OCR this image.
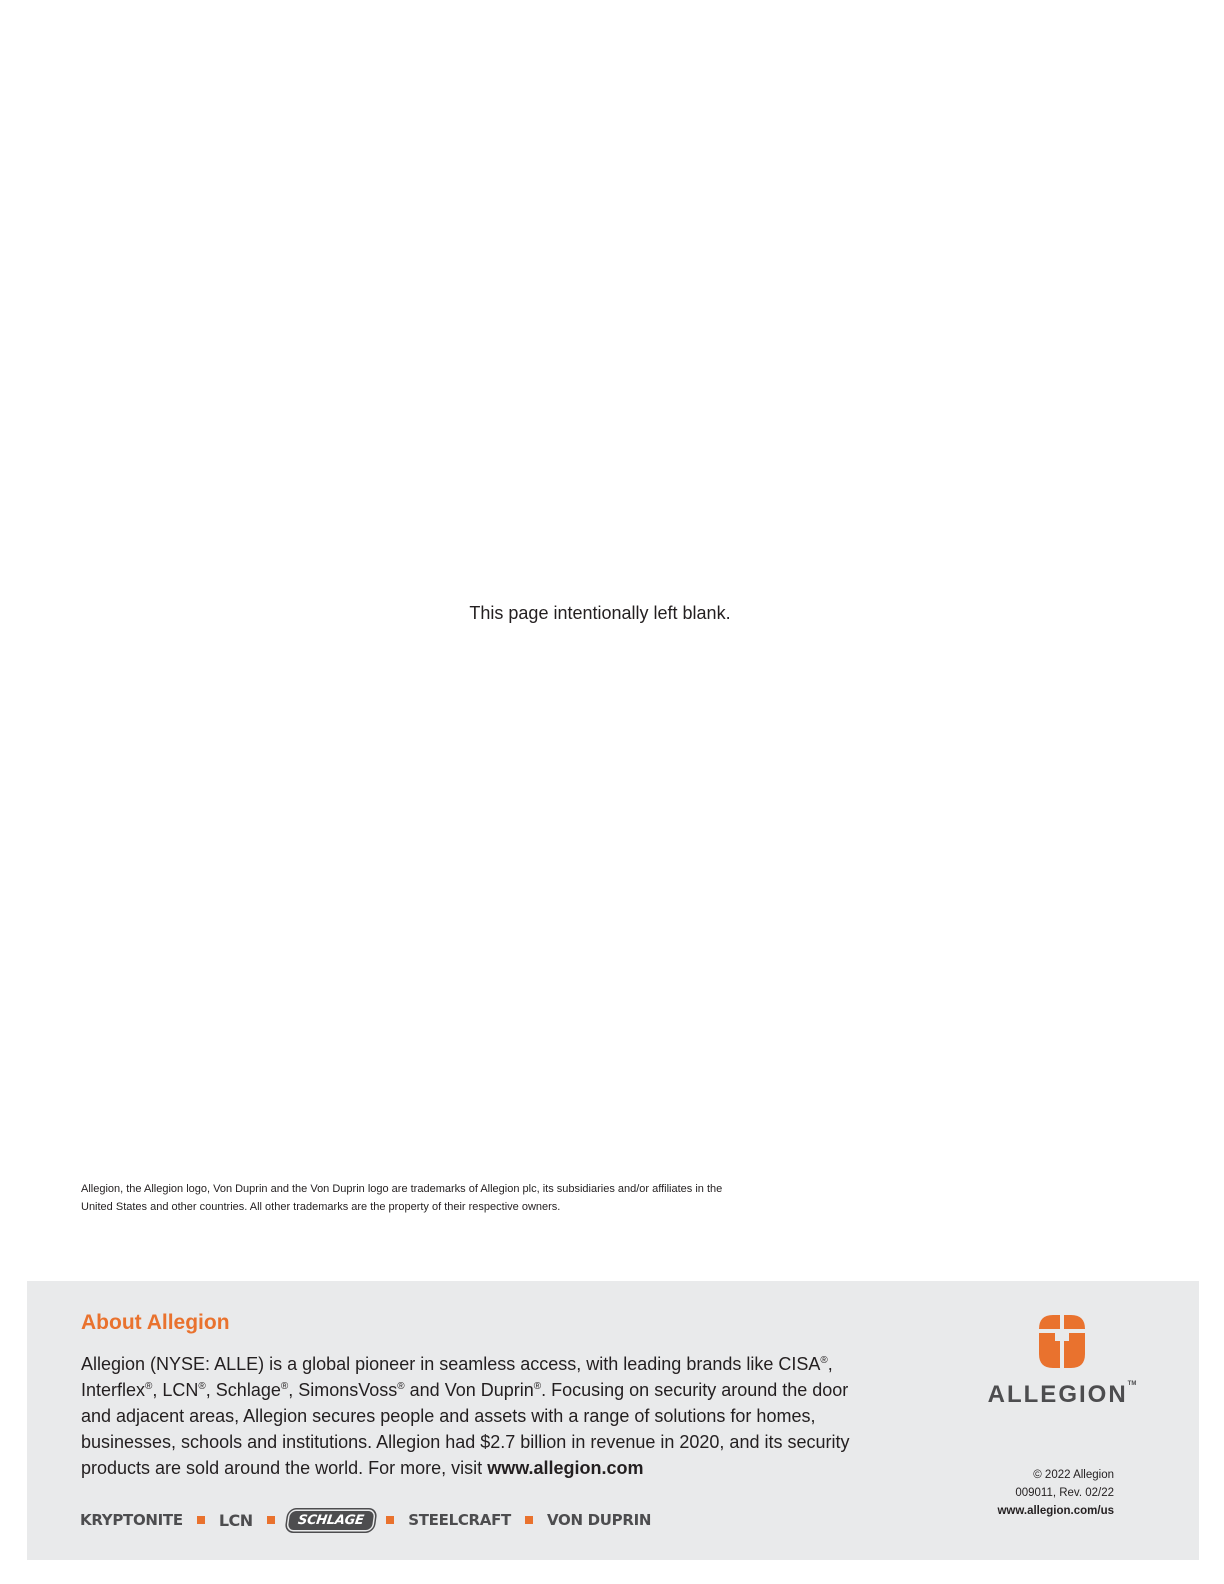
This page intentionally left blank.
Allegion, the Allegion logo, Von Duprin and the Von Duprin logo are trademarks of Allegion plc, its subsidiaries and/or affiliates in the
United States and other countries. All other trademarks are the property of their respective owners.
About Allegion

Allegion (NYSE: ALLE) is a global pioneer in seamless access, with leading brands like CISA®, Interflex®, LCN®, Schlage®, SimonsVoss® and Von Duprin®. Focusing on security around the door and adjacent areas, Allegion secures people and assets with a range of solutions for homes, businesses, schools and institutions. Allegion had $2.7 billion in revenue in 2020, and its security products are sold around the world. For more, visit www.allegion.com

ALLEGION™
KRYPTONITE LCN	SCHLAGE	STEELCRAFT VON DUPRIN
© 2022 Allegion
009011, Rev. 02/22
www.allegion.com/us
